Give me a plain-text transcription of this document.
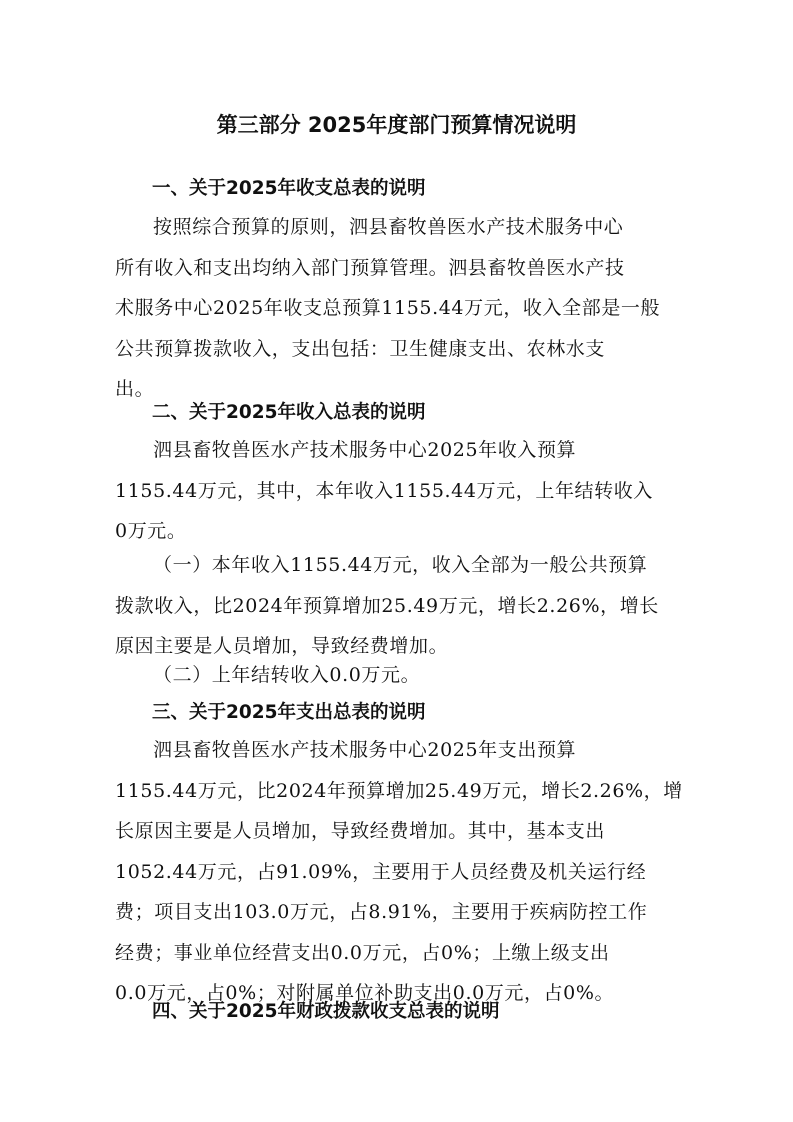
第三部分 2025年度部门预算情况说明
一、关于2025年收支总表的说明
按照综合预算的原则，泗县畜牧兽医水产技术服务中心
所有收入和支出均纳入部门预算管理。泗县畜牧兽医水产技
术服务中心2025年收支总预算1155.44万元，收入全部是一般
公共预算拨款收入，支出包括：卫生健康支出、农林水支
出。
二、关于2025年收入总表的说明
泗县畜牧兽医水产技术服务中心2025年收入预算
1155.44万元，其中，本年收入1155.44万元，上年结转收入
0万元。
（一）本年收入1155.44万元，收入全部为一般公共预算
拨款收入，比2024年预算增加25.49万元，增长2.26%，增长
原因主要是人员增加，导致经费增加。
（二）上年结转收入0.0万元。
三、关于2025年支出总表的说明
泗县畜牧兽医水产技术服务中心2025年支出预算
1155.44万元，比2024年预算增加25.49万元，增长2.26%，增
长原因主要是人员增加，导致经费增加。其中，基本支出
1052.44万元，占91.09%，主要用于人员经费及机关运行经
费；项目支出103.0万元，占8.91%，主要用于疾病防控工作
经费；事业单位经营支出0.0万元，占0%；上缴上级支出
0.0万元，占0%；对附属单位补助支出0.0万元，占0%。
四、关于2025年财政拨款收支总表的说明
